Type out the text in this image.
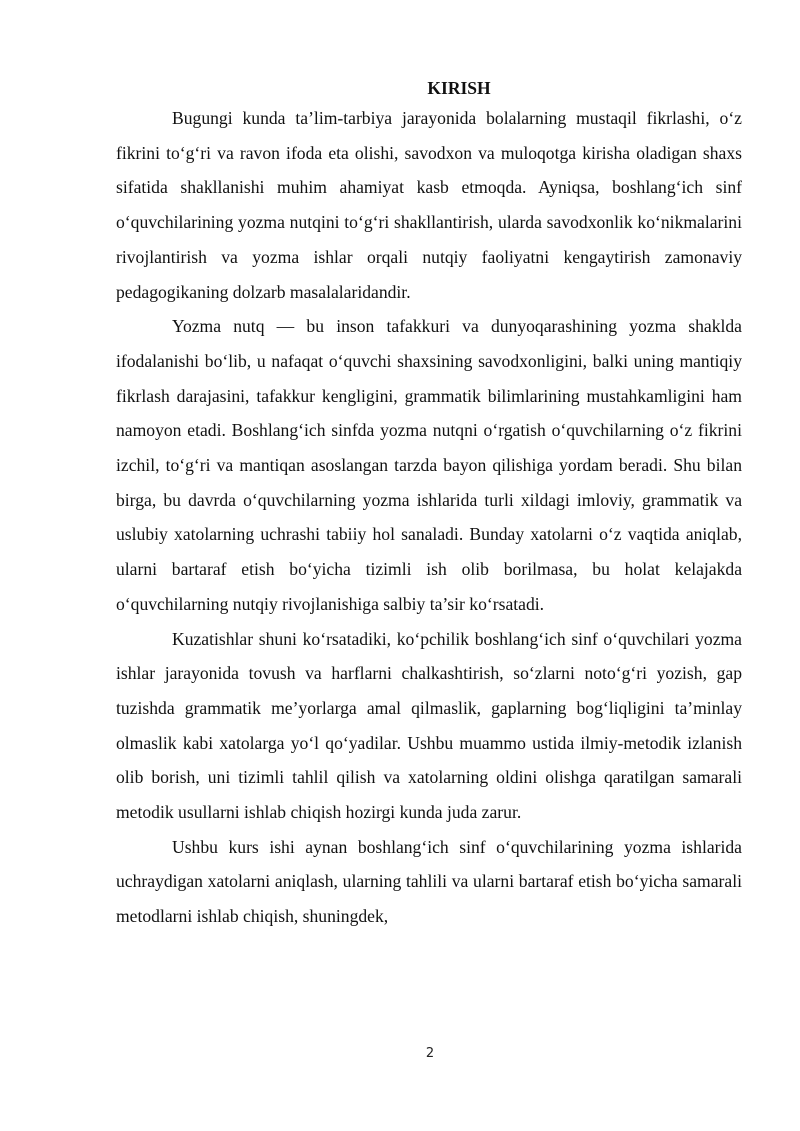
KIRISH

Bugungi kunda ta’lim-tarbiya jarayonida bolalarning mustaqil fikrlashi, o‘z fikrini to‘g‘ri va ravon ifoda eta olishi, savodxon va muloqotga kirisha oladigan shaxs sifatida shakllanishi muhim ahamiyat kasb etmoqda. Ayniqsa, boshlang‘ich sinf o‘quvchilarining yozma nutqini to‘g‘ri shakllantirish, ularda savodxonlik ko‘nikmalarini rivojlantirish va yozma ishlar orqali nutqiy faoliyatni kengaytirish zamonaviy pedagogikaning dolzarb masalalaridandir.

Yozma nutq — bu inson tafakkuri va dunyoqarashining yozma shaklda ifodalanishi bo‘lib, u nafaqat o‘quvchi shaxsining savodxonligini, balki uning mantiqiy fikrlash darajasini, tafakkur kengligini, grammatik bilimlarining mustahkamligini ham namoyon etadi. Boshlang‘ich sinfda yozma nutqni o‘rgatish o‘quvchilarning o‘z fikrini izchil, to‘g‘ri va mantiqan asoslangan tarzda bayon qilishiga yordam beradi. Shu bilan birga, bu davrda o‘quvchilarning yozma ishlarida turli xildagi imloviy, grammatik va uslubiy xatolarning uchrashi tabiiy hol sanaladi. Bunday xatolarni o‘z vaqtida aniqlab, ularni bartaraf etish bo‘yicha tizimli ish olib borilmasa, bu holat kelajakda o‘quvchilarning nutqiy rivojlanishiga salbiy ta’sir ko‘rsatadi.

Kuzatishlar shuni ko‘rsatadiki, ko‘pchilik boshlang‘ich sinf o‘quvchilari yozma ishlar jarayonida tovush va harflarni chalkashtirish, so‘zlarni noto‘g‘ri yozish, gap tuzishda grammatik me’yorlarga amal qilmaslik, gaplarning bog‘liqligini ta’minlay olmaslik kabi xatolarga yo‘l qo‘yadilar. Ushbu muammo ustida ilmiy-metodik izlanish olib borish, uni tizimli tahlil qilish va xatolarning oldini olishga qaratilgan samarali metodik usullarni ishlab chiqish hozirgi kunda juda zarur.

Ushbu kurs ishi aynan boshlang‘ich sinf o‘quvchilarining yozma ishlarida uchraydigan xatolarni aniqlash, ularning tahlili va ularni bartaraf etish bo‘yicha samarali metodlarni ishlab chiqish, shuningdek,

2
